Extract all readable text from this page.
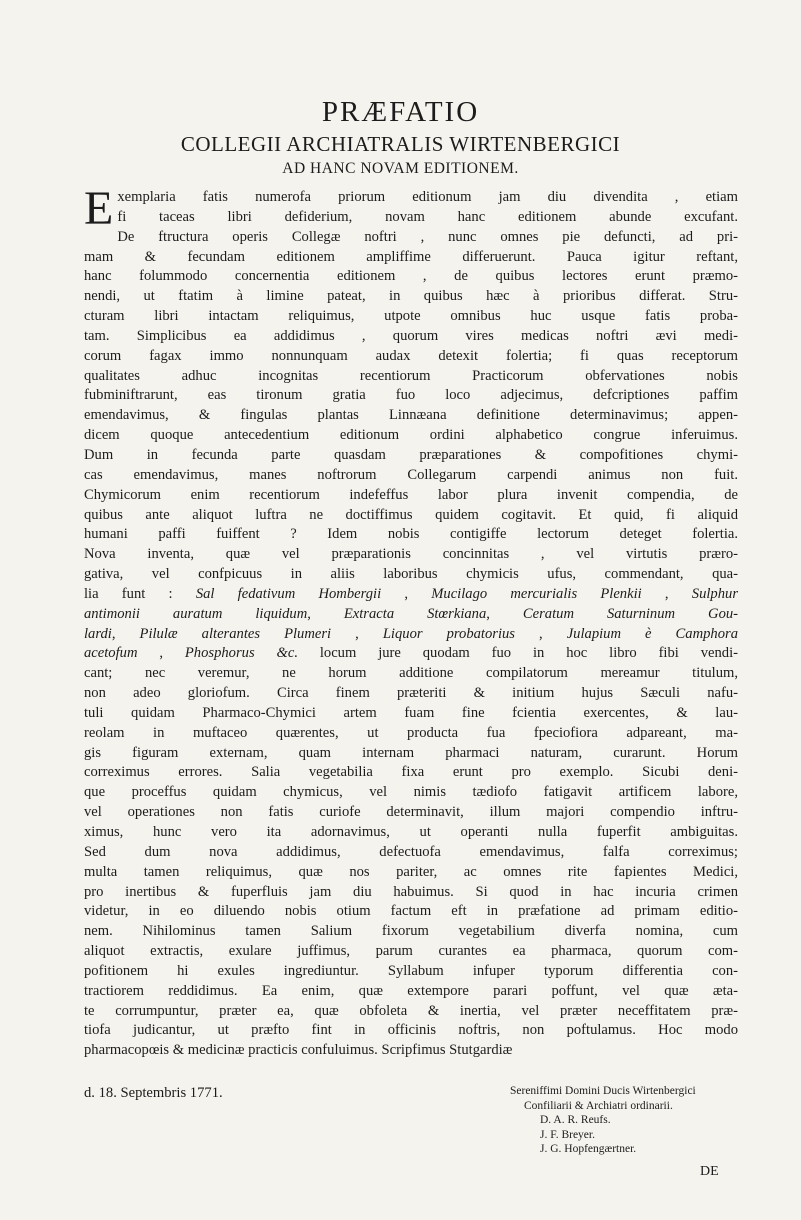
PRÆFATIO
COLLEGII ARCHIATRALIS WIRTENBERGICI
AD HANC NOVAM EDITIONEM.
E xemplaria fatis numerofa priorum editionum jam diu divendita , etiam
fi taceas libri defiderium, novam hanc editionem abunde excufant.
De ftructura operis Collegæ noftri , nunc omnes pie defuncti, ad pri-
mam & fecundam editionem ampliffime differuerunt. Pauca igitur reftant,
hanc folummodo concernentia editionem , de quibus lectores erunt præmo-
nendi, ut ftatim à limine pateat, in quibus hæc à prioribus differat. Stru-
cturam libri intactam reliquimus, utpote omnibus huc usque fatis proba-
tam. Simplicibus ea addidimus , quorum vires medicas noftri ævi medi-
corum fagax immo nonnunquam audax detexit folertia; fi quas receptorum
qualitates adhuc incognitas recentiorum Practicorum obfervationes nobis
fubminiftrarunt, eas tironum gratia fuo loco adjecimus, defcriptiones paffim
emendavimus, & fingulas plantas Linnæana definitione determinavimus; appen-
dicem quoque antecedentium editionum ordini alphabetico congrue inferuimus.
Dum in fecunda parte quasdam præparationes & compofitiones chymi-
cas emendavimus, manes noftrorum Collegarum carpendi animus non fuit.
Chymicorum enim recentiorum indefeffus labor plura invenit compendia, de
quibus ante aliquot luftra ne doctiffimus quidem cogitavit. Et quid, fi aliquid
humani paffi fuiffent ? Idem nobis contigiffe lectorum deteget folertia.
Nova inventa, quæ vel præparationis concinnitas , vel virtutis prærо-
gativa, vel confpicuus in aliis laboribus chymicis ufus, commendant, qua-
lia funt : Sal fedativum Hombergii , Mucilago mercurialis Plenkii , Sulphur
antimonii auratum liquidum, Extracta Stœrkiana, Ceratum Saturninum Gou-
lardi, Pilulæ alterantes Plumeri , Liquor probatorius , Julapium è Camphora
acetofum , Phosphorus &c. locum jure quodam fuo in hoc libro fibi vendi-
cant; nec veremur, ne horum additione compilatorum mereamur titulum,
non adeo gloriofum. Circa finem præteriti & initium hujus Sæculi nafu-
tuli quidam Pharmaco-Chymici artem fuam fine fcientia exercentes, & lau-
reolam in muftaceo quærentes, ut producta fua fpeciofiora adpareant, ma-
gis figuram externam, quam internam pharmaci naturam, curarunt. Horum
correximus errores. Salia vegetabilia fixa erunt pro exemplo. Sicubi deni-
que proceffus quidam chymicus, vel nimis tædiofo fatigavit artificem labore,
vel operationes non fatis curiofe determinavit, illum majori compendio inftru-
ximus, hunc vero ita adornavimus, ut operanti nulla fuperfit ambiguitas.
Sed dum nova addidimus, defectuofa emendavimus, falfa correximus;
multa tamen reliquimus, quæ nos pariter, ac omnes rite fapientes Medici,
pro inertibus & fuperfluis jam diu habuimus. Si quod in hac incuria crimen
videtur, in eo diluendo nobis otium factum eft in præfatione ad primam editio-
nem. Nihilominus tamen Salium fixorum vegetabilium diverfa nomina, cum
aliquot extractis, exulare juffimus, parum curantes ea pharmaca, quorum com-
pofitionem hi exules ingrediuntur. Syllabum infuper typorum differentia con-
tractiorem reddidimus. Ea enim, quæ extempore parari poffunt, vel quæ æta-
te corrumpuntur, præter ea, quæ obfoleta & inertia, vel præter neceffitatem præ-
tiofa judicantur, ut præfto fint in officinis noftris, non poftulamus. Hoc modo
pharmacopœis & medicinæ practicis confuluimus. Scripfimus Stutgardiæ

d. 18. Septembris 1771.	Sereniffimi Domini Ducis Wirtenbergici
Confiliarii & Archiatri ordinarii.
D. A. R. Reufs.
J. F. Breyer.
J. G. Hopfengærtner.

DE
